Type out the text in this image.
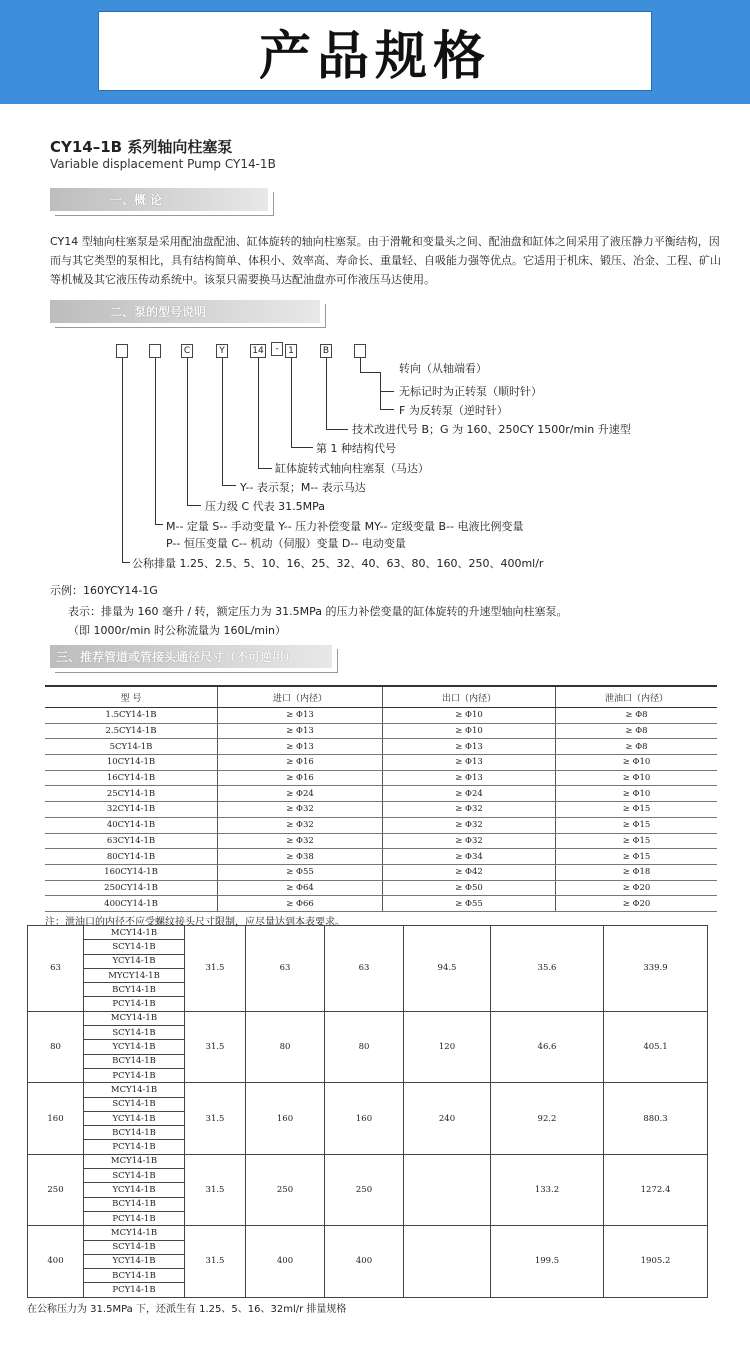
产品规格
CY14–1B 系列轴向柱塞泵
Variable displacement Pump CY14-1B
一、概 论
CY14 型轴向柱塞泵是采用配油盘配油、缸体旋转的轴向柱塞泵。由于滑靴和变量头之间、配油盘和缸体之间采用了液压静力平衡结构，因而与其它类型的泵相比，具有结构简单、体积小、效率高、寿命长、重量轻、自吸能力强等优点。它适用于机床、锻压、冶金、工程、矿山等机械及其它液压传动系统中。该泵只需要换马达配油盘亦可作液压马达使用。
二、泵的型号说明
C	Y	14	-	1	B
转向（从轴端看）
无标记时为正转泵（顺时针）
F 为反转泵（逆时针）
技术改进代号 B；G 为 160、250CY 1500r/min 升速型
第 1 种结构代号
缸体旋转式轴向柱塞泵（马达）
Y-- 表示泵；M-- 表示马达
压力级 C 代表 31.5MPa
M-- 定量 S-- 手动变量 Y-- 压力补偿变量 MY-- 定级变量 B-- 电液比例变量
P-- 恒压变量 C-- 机动（伺服）变量 D-- 电动变量
公称排量 1.25、2.5、5、10、16、25、32、40、63、80、160、250、400ml/r
示例：160YCY14-1G
表示：排量为 160 毫升 / 转，额定压力为 31.5MPa 的压力补偿变量的缸体旋转的升速型轴向柱塞泵。
（即 1000r/min 时公称流量为 160L/min）
三、推荐管道或管接头通径尺寸（不可逆用）
型 号	进口（内径）	出口（内径）	泄油口（内径）
1.5CY14-1B	≥ Φ13	≥ Φ10	≥ Φ8
2.5CY14-1B	≥ Φ13	≥ Φ10	≥ Φ8
5CY14-1B	≥ Φ13	≥ Φ13	≥ Φ8
10CY14-1B	≥ Φ16	≥ Φ13	≥ Φ10
16CY14-1B	≥ Φ16	≥ Φ13	≥ Φ10
25CY14-1B	≥ Φ24	≥ Φ24	≥ Φ10
32CY14-1B	≥ Φ32	≥ Φ32	≥ Φ15
40CY14-1B	≥ Φ32	≥ Φ32	≥ Φ15
63CY14-1B	≥ Φ32	≥ Φ32	≥ Φ15
80CY14-1B	≥ Φ38	≥ Φ34	≥ Φ15
160CY14-1B	≥ Φ55	≥ Φ42	≥ Φ18
250CY14-1B	≥ Φ64	≥ Φ50	≥ Φ20
400CY14-1B	≥ Φ66	≥ Φ55	≥ Φ20
注：泄油口的内径不应受螺纹接头尺寸限制，应尽量达到本表要求。
63	MCY14-1B	31.5	63	63	94.5	35.6	339.9
	SCY14-1B						
	YCY14-1B						
	MYCY14-1B						
	BCY14-1B						
	PCY14-1B						
80	MCY14-1B	31.5	80	80	120	46.6	405.1
	SCY14-1B						
	YCY14-1B						
	BCY14-1B						
	PCY14-1B						
160	MCY14-1B	31.5	160	160	240	92.2	880.3
	SCY14-1B						
	YCY14-1B						
	BCY14-1B						
	PCY14-1B						
250	MCY14-1B	31.5	250	250		133.2	1272.4
	SCY14-1B						
	YCY14-1B						
	BCY14-1B						
	PCY14-1B						
400	MCY14-1B	31.5	400	400		199.5	1905.2
	SCY14-1B						
	YCY14-1B						
	BCY14-1B						
	PCY14-1B						
在公称压力为 31.5MPa 下，还派生有 1.25、5、16、32ml/r 排量规格
